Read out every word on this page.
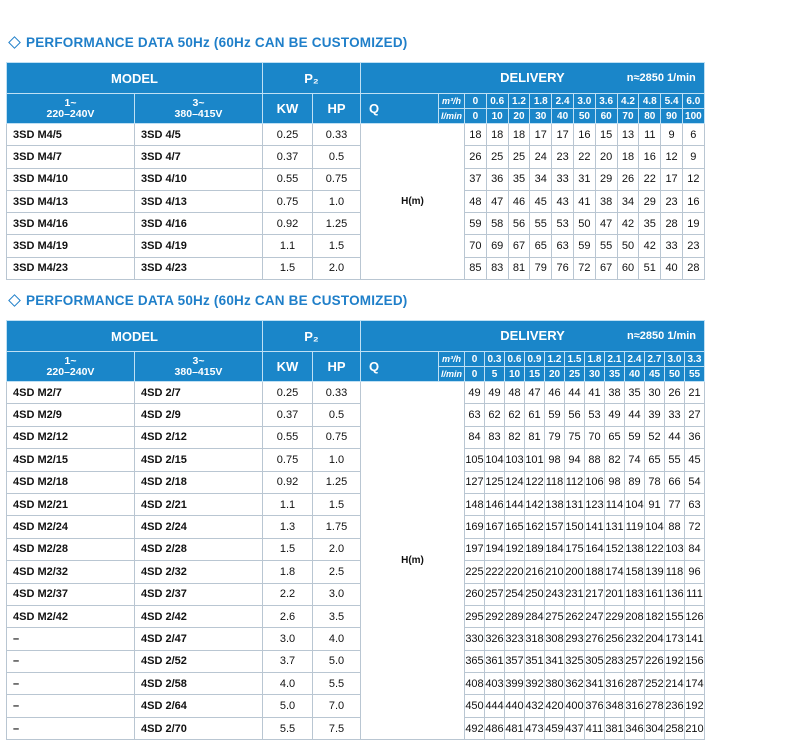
PERFORMANCE DATA 50Hz (60Hz CAN BE CUSTOMIZED)
MODEL		P₂		DELIVERY n≈2850 1/min												

1~
220–240V	3~
380–415V	KW	HP	Q	m³/h	0	0.6	1.2	1.8	2.4	3.0	3.6	4.2	4.8	5.4	6.0
					l/min	0	10	20	30	40	50	60	70	80	90	100
3SD M4/5	3SD 4/5	0.25	0.33	H(m)		18	18	18	17	17	16	15	13	11	9	6
3SD M4/7	3SD 4/7	0.37	0.5			26	25	25	24	23	22	20	18	16	12	9
3SD M4/10	3SD 4/10	0.55	0.75			37	36	35	34	33	31	29	26	22	17	12
3SD M4/13	3SD 4/13	0.75	1.0			48	47	46	45	43	41	38	34	29	23	16
3SD M4/16	3SD 4/16	0.92	1.25			59	58	56	55	53	50	47	42	35	28	19
3SD M4/19	3SD 4/19	1.1	1.5			70	69	67	65	63	59	55	50	42	33	23
3SD M4/23	3SD 4/23	1.5	2.0			85	83	81	79	76	72	67	60	51	40	28
PERFORMANCE DATA 50Hz (60Hz CAN BE CUSTOMIZED)
MODEL		P₂		DELIVERY n≈2850 1/min													

1~
220–240V	3~
380–415V	KW	HP	Q	m³/h	0	0.3	0.6	0.9	1.2	1.5	1.8	2.1	2.4	2.7	3.0	3.3
					l/min	0	5	10	15	20	25	30	35	40	45	50	55
4SD M2/7	4SD 2/7	0.25	0.33	H(m)		49	49	48	47	46	44	41	38	35	30	26	21
4SD M2/9	4SD 2/9	0.37	0.5			63	62	62	61	59	56	53	49	44	39	33	27
4SD M2/12	4SD 2/12	0.55	0.75			84	83	82	81	79	75	70	65	59	52	44	36
4SD M2/15	4SD 2/15	0.75	1.0			105	104	103	101	98	94	88	82	74	65	55	45
4SD M2/18	4SD 2/18	0.92	1.25			127	125	124	122	118	112	106	98	89	78	66	54
4SD M2/21	4SD 2/21	1.1	1.5			148	146	144	142	138	131	123	114	104	91	77	63
4SD M2/24	4SD 2/24	1.3	1.75			169	167	165	162	157	150	141	131	119	104	88	72
4SD M2/28	4SD 2/28	1.5	2.0			197	194	192	189	184	175	164	152	138	122	103	84
4SD M2/32	4SD 2/32	1.8	2.5			225	222	220	216	210	200	188	174	158	139	118	96
4SD M2/37	4SD 2/37	2.2	3.0			260	257	254	250	243	231	217	201	183	161	136	111
4SD M2/42	4SD 2/42	2.6	3.5			295	292	289	284	275	262	247	229	208	182	155	126
–	4SD 2/47	3.0	4.0			330	326	323	318	308	293	276	256	232	204	173	141
–	4SD 2/52	3.7	5.0			365	361	357	351	341	325	305	283	257	226	192	156
–	4SD 2/58	4.0	5.5			408	403	399	392	380	362	341	316	287	252	214	174
–	4SD 2/64	5.0	7.0			450	444	440	432	420	400	376	348	316	278	236	192
–	4SD 2/70	5.5	7.5			492	486	481	473	459	437	411	381	346	304	258	210
